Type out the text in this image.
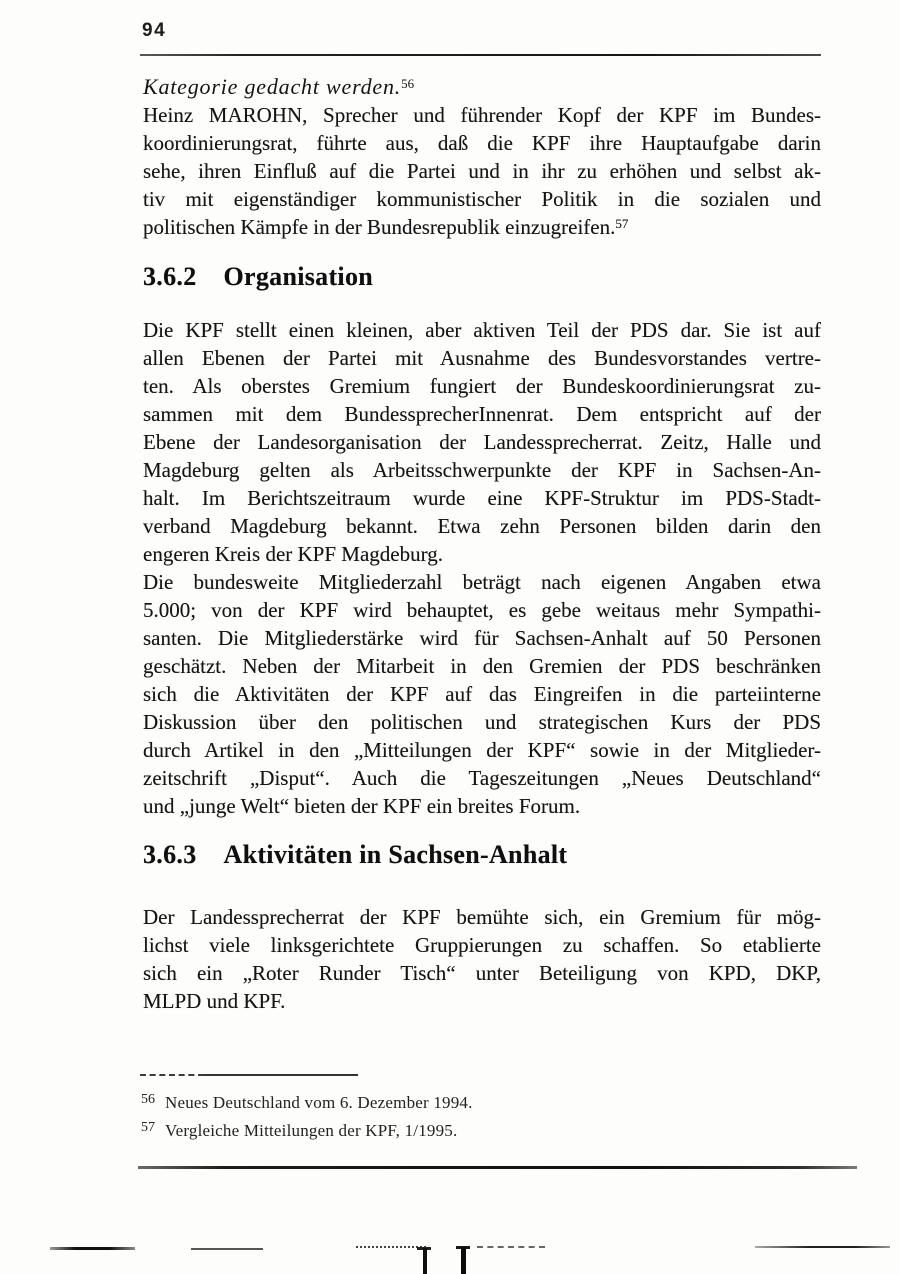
94
Kategorie gedacht werden.$^{56}$
Heinz MAROHN, Sprecher und führender Kopf der KPF im Bundes-
koordinierungsrat, führte aus, daß die KPF ihre Hauptaufgabe darin
sehe, ihren Einfluß auf die Partei und in ihr zu erhöhen und selbst ak-
tiv mit eigenständiger kommunistischer Politik in die sozialen und
politischen Kämpfe in der Bundesrepublik einzugreifen.$^{57}$
3.6.2 Organisation
Die KPF stellt einen kleinen, aber aktiven Teil der PDS dar. Sie ist auf
allen Ebenen der Partei mit Ausnahme des Bundesvorstandes vertre-
ten. Als oberstes Gremium fungiert der Bundeskoordinierungsrat zu-
sammen mit dem BundessprecherInnenrat. Dem entspricht auf der
Ebene der Landesorganisation der Landessprecherrat. Zeitz, Halle und
Magdeburg gelten als Arbeitsschwerpunkte der KPF in Sachsen-An-
halt. Im Berichtszeitraum wurde eine KPF-Struktur im PDS-Stadt-
verband Magdeburg bekannt. Etwa zehn Personen bilden darin den
engeren Kreis der KPF Magdeburg.
Die bundesweite Mitgliederzahl beträgt nach eigenen Angaben etwa
5.000; von der KPF wird behauptet, es gebe weitaus mehr Sympathi-
santen. Die Mitgliederstärke wird für Sachsen-Anhalt auf 50 Personen
geschätzt. Neben der Mitarbeit in den Gremien der PDS beschränken
sich die Aktivitäten der KPF auf das Eingreifen in die parteiinterne
Diskussion über den politischen und strategischen Kurs der PDS
durch Artikel in den „Mitteilungen der KPF“ sowie in der Mitglieder-
zeitschrift „Disput“. Auch die Tageszeitungen „Neues Deutschland“
und „junge Welt“ bieten der KPF ein breites Forum.
3.6.3 Aktivitäten in Sachsen-Anhalt
Der Landessprecherrat der KPF bemühte sich, ein Gremium für mög-
lichst viele linksgerichtete Gruppierungen zu schaffen. So etablierte
sich ein „Roter Runder Tisch“ unter Beteiligung von KPD, DKP,
MLPD und KPF.
$^{56}$ Neues Deutschland vom 6. Dezember 1994.
$^{57}$ Vergleiche Mitteilungen der KPF, 1/1995.
